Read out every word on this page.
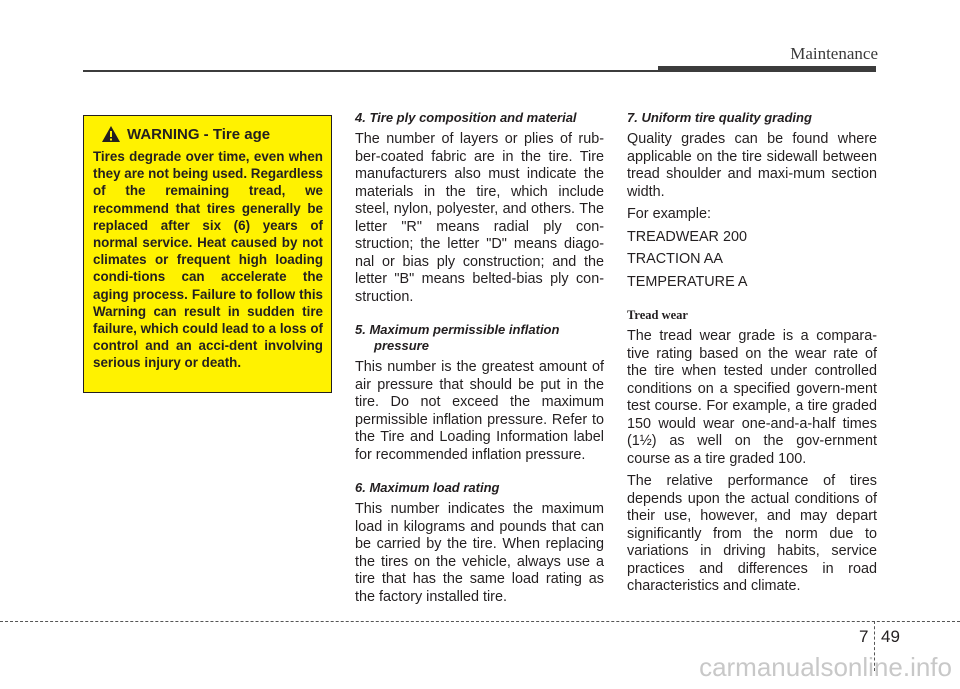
Maintenance
WARNING - Tire age
Tires degrade over time, even when they are not being used. Regardless of the remaining tread, we recommend that tires generally be replaced after six (6) years of normal service. Heat caused by not climates or frequent high loading condi-tions can accelerate the aging process. Failure to follow this Warning can result in sudden tire failure, which could lead to a loss of control and an acci-dent involving serious injury or death.
4. Tire ply composition and material

The number of layers or plies of rub-ber-coated fabric are in the tire. Tire manufacturers also must indicate the materials in the tire, which include steel, nylon, polyester, and others. The letter "R" means radial ply con-struction; the letter "D" means diago-nal or bias ply construction; and the letter "B" means belted-bias ply con-struction.

5. Maximum permissible inflation
pressure

This number is the greatest amount of air pressure that should be put in the tire. Do not exceed the maximum permissible inflation pressure. Refer to the Tire and Loading Information label for recommended inflation pressure.

6. Maximum load rating

This number indicates the maximum load in kilograms and pounds that can be carried by the tire. When replacing the tires on the vehicle, always use a tire that has the same load rating as the factory installed tire.

7. Uniform tire quality grading

Quality grades can be found where applicable on the tire sidewall between tread shoulder and maxi-mum section width.

For example:

TREADWEAR 200

TRACTION AA

TEMPERATURE A

Tread wear

The tread wear grade is a compara-tive rating based on the wear rate of the tire when tested under controlled conditions on a specified govern-ment test course. For example, a tire graded 150 would wear one-and-a-half times (1½) as well on the gov-ernment course as a tire graded 100.

The relative performance of tires depends upon the actual conditions of their use, however, and may depart significantly from the norm due to variations in driving habits, service practices and differences in road characteristics and climate.

7 49
carmanualsonline.info
